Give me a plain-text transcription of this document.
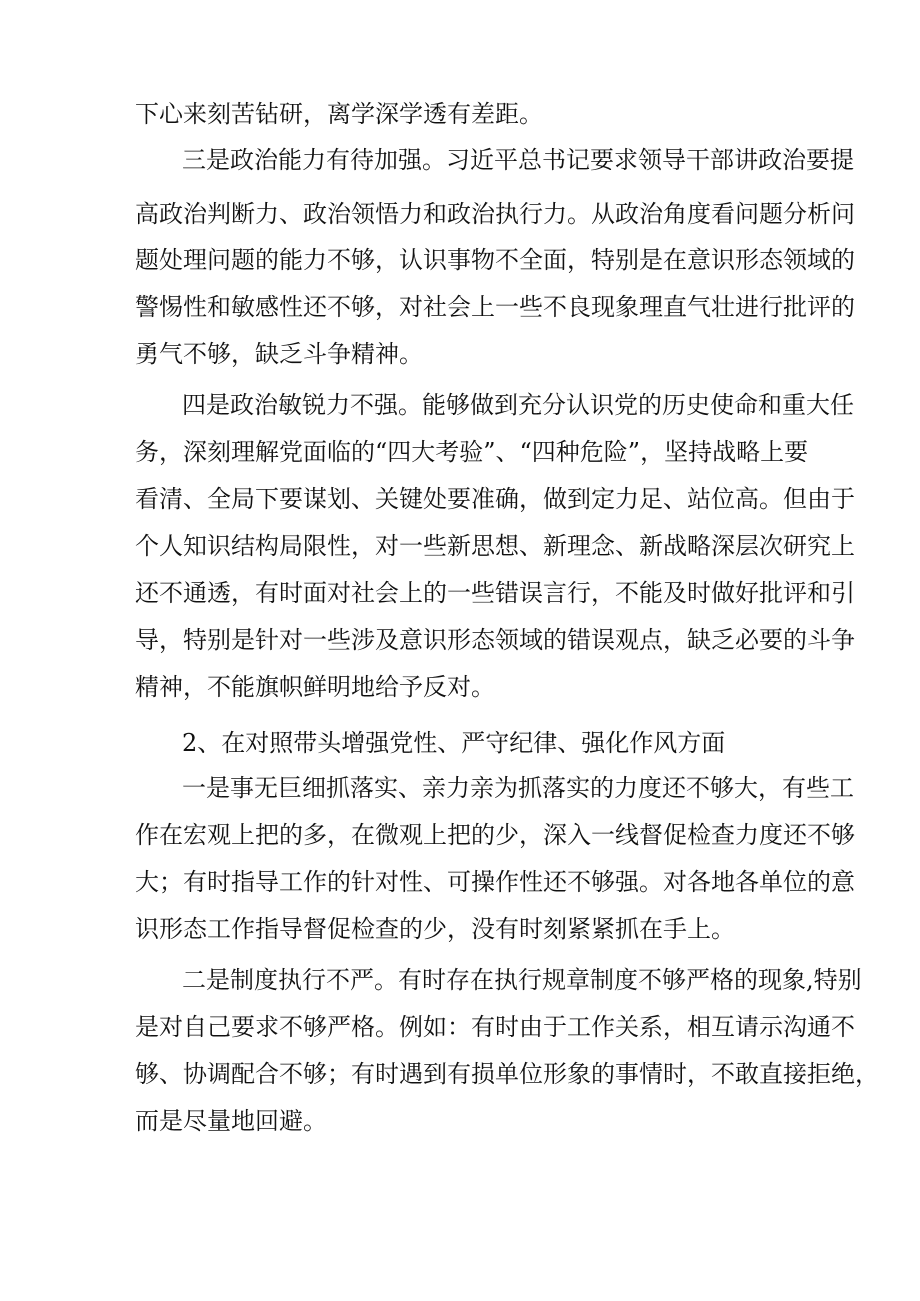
下心来刻苦钻研，离学深学透有差距。
三是政治能力有待加强。习近平总书记要求领导干部讲政治要提
高政治判断力、政治领悟力和政治执行力。从政治角度看问题分析问
题处理问题的能力不够，认识事物不全面，特别是在意识形态领域的
警惕性和敏感性还不够，对社会上一些不良现象理直气壮进行批评的
勇气不够，缺乏斗争精神。
四是政治敏锐力不强。能够做到充分认识党的历史使命和重大任
务，深刻理解党面临的“四大考验”、“四种危险”，坚持战略上要
看清、全局下要谋划、关键处要准确，做到定力足、站位高。但由于
个人知识结构局限性，对一些新思想、新理念、新战略深层次研究上
还不通透，有时面对社会上的一些错误言行，不能及时做好批评和引
导，特别是针对一些涉及意识形态领域的错误观点，缺乏必要的斗争
精神，不能旗帜鲜明地给予反对。
2、在对照带头增强党性、严守纪律、强化作风方面
一是事无巨细抓落实、亲力亲为抓落实的力度还不够大，有些工
作在宏观上把的多，在微观上把的少，深入一线督促检查力度还不够
大；有时指导工作的针对性、可操作性还不够强。对各地各单位的意
识形态工作指导督促检查的少，没有时刻紧紧抓在手上。
二是制度执行不严。有时存在执行规章制度不够严格的现象,特别
是对自己要求不够严格。例如：有时由于工作关系，相互请示沟通不
够、协调配合不够；有时遇到有损单位形象的事情时，不敢直接拒绝，
而是尽量地回避。
